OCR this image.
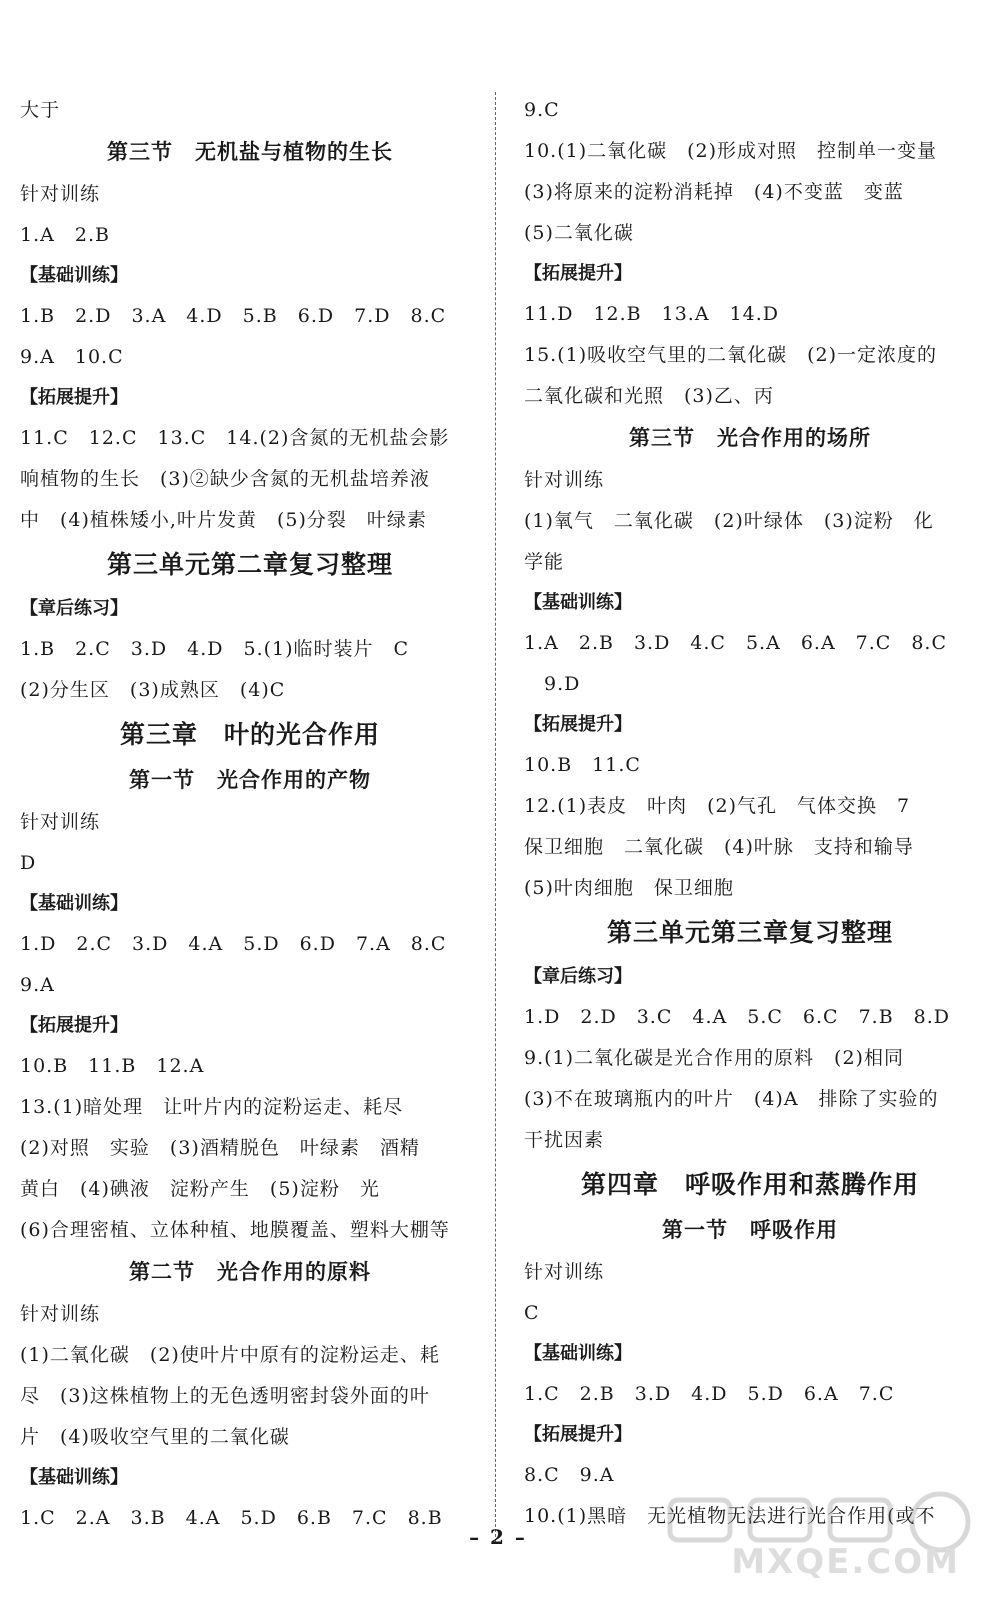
大于
第三节　无机盐与植物的生长
针对训练
1.A　2.B
【基础训练】
1.B　2.D　3.A　4.D　5.B　6.D　7.D　8.C
9.A　10.C
【拓展提升】
11.C　12.C　13.C　14.(2)含氮的无机盐会影
响植物的生长　(3)②缺少含氮的无机盐培养液
中　(4)植株矮小,叶片发黄　(5)分裂　叶绿素
第三单元第二章复习整理
【章后练习】
1.B　2.C　3.D　4.D　5.(1)临时装片　C
(2)分生区　(3)成熟区　(4)C
第三章　叶的光合作用
第一节　光合作用的产物
针对训练
D
【基础训练】
1.D　2.C　3.D　4.A　5.D　6.D　7.A　8.C
9.A
【拓展提升】
10.B　11.B　12.A
13.(1)暗处理　让叶片内的淀粉运走、耗尽
(2)对照　实验　(3)酒精脱色　叶绿素　酒精
黄白　(4)碘液　淀粉产生　(5)淀粉　光
(6)合理密植、立体种植、地膜覆盖、塑料大棚等
第二节　光合作用的原料
针对训练
(1)二氧化碳　(2)使叶片中原有的淀粉运走、耗
尽　(3)这株植物上的无色透明密封袋外面的叶
片　(4)吸收空气里的二氧化碳
【基础训练】
1.C　2.A　3.B　4.A　5.D　6.B　7.C　8.B
9.C
10.(1)二氧化碳　(2)形成对照　控制单一变量
(3)将原来的淀粉消耗掉　(4)不变蓝　变蓝
(5)二氧化碳
【拓展提升】
11.D　12.B　13.A　14.D
15.(1)吸收空气里的二氧化碳　(2)一定浓度的
二氧化碳和光照　(3)乙、丙
第三节　光合作用的场所
针对训练
(1)氧气　二氧化碳　(2)叶绿体　(3)淀粉　化
学能
【基础训练】
1.A　2.B　3.D　4.C　5.A　6.A　7.C　8.C
　9.D
【拓展提升】
10.B　11.C
12.(1)表皮　叶肉　(2)气孔　气体交换　7
保卫细胞　二氧化碳　(4)叶脉　支持和输导
(5)叶肉细胞　保卫细胞
第三单元第三章复习整理
【章后练习】
1.D　2.D　3.C　4.A　5.C　6.C　7.B　8.D
9.(1)二氧化碳是光合作用的原料　(2)相同
(3)不在玻璃瓶内的叶片　(4)A　排除了实验的
干扰因素
第四章　呼吸作用和蒸腾作用
第一节　呼吸作用
针对训练
C
【基础训练】
1.C　2.B　3.D　4.D　5.D　6.A　7.C
【拓展提升】
8.C　9.A
10.(1)黑暗　无光植物无法进行光合作用(或不
– 2 –
MXQE.COM
